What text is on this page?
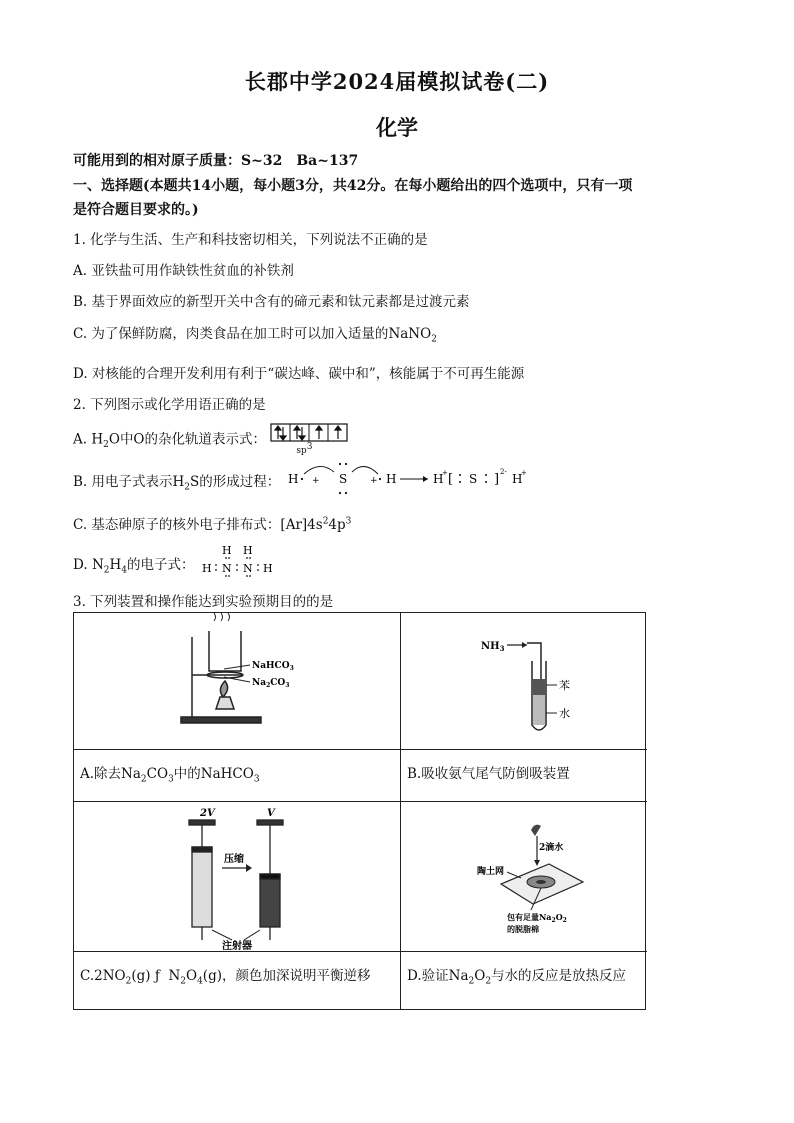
长郡中学2024届模拟试卷(二)
化学
可能用到的相对原子质量：S~32　Ba~137
一、选择题(本题共14小题，每小题3分，共42分。在每小题给出的四个选项中，只有一项
是符合题目要求的。)
1. 化学与生活、生产和科技密切相关，下列说法不正确的是
A. 亚铁盐可用作缺铁性贫血的补铁剂
B. 基于界面效应的新型开关中含有的碲元素和钛元素都是过渡元素
C. 为了保鲜防腐，肉类食品在加工时可以加入适量的NaNO$_2$
D. 对核能的合理开发利用有利于“碳达峰、碳中和”，核能属于不可再生能源
2. 下列图示或化学用语正确的是
A. $H_2O$中O的杂化轨道表示式：
$sp^3$
B. 用电子式表示$H_2S$的形成过程： H + S	+ H	H
+ [ S ] 2- H
+
C. 基态砷原子的核外电子排布式：$[Ar]4s^24p^3$
D. $N_2H_4$的电子式：
H H
H N N H
3. 下列装置和操作能达到实验预期目的的是
NaHCO$_3$
$Na_2CO_3$
$NH_3$
苯
水
A.除去$Na_2CO_3$中的NaHCO$_3$	B.吸收氨气尾气防倒吸装置
2V	V
压缩
注射器
2滴水
陶土网
包有足量$Na_2O_2$
的脱脂棉
$C.2NO_2(g)$ ƒ $N_2O_4(g)$，颜色加深说明平衡逆移	D.验证$Na_2O_2$与水的反应是放热反应
